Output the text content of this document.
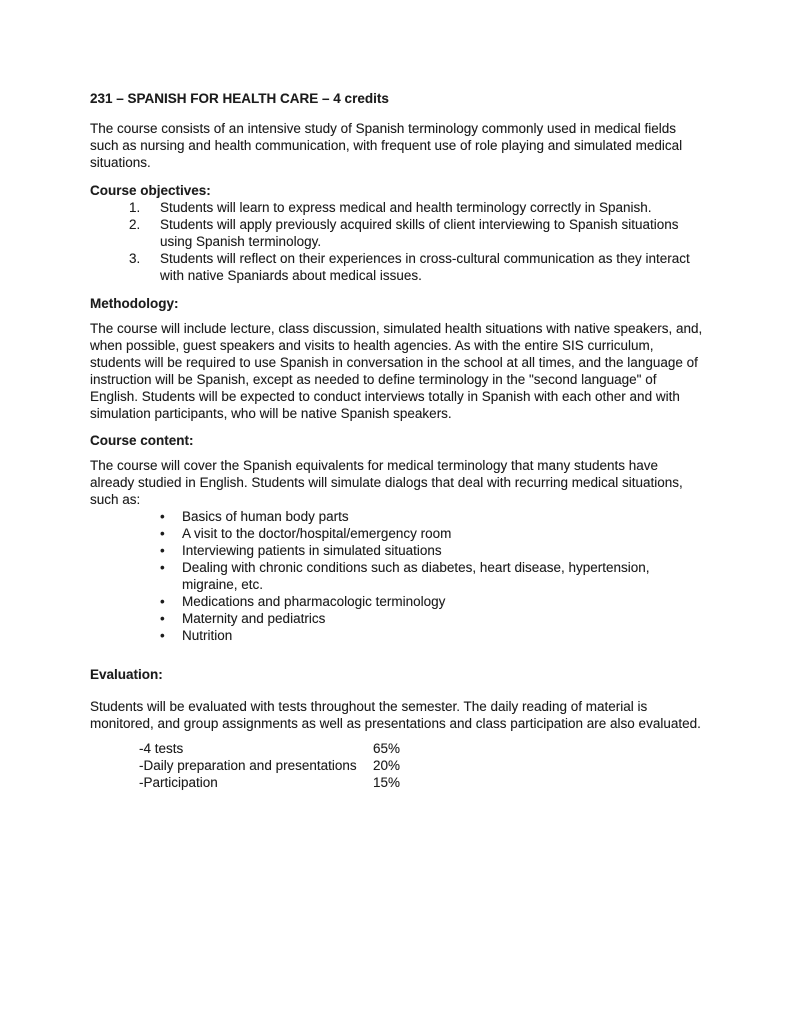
231 – SPANISH FOR HEALTH CARE – 4 credits

The course consists of an intensive study of Spanish terminology commonly used in medical fields such as nursing and health communication, with frequent use of role playing and simulated medical situations.

Course objectives:

1.	Students will learn to express medical and health terminology correctly in Spanish.
2.	Students will apply previously acquired skills of client interviewing to Spanish situations using Spanish terminology.
3.	Students will reflect on their experiences in cross-cultural communication as they interact with native Spaniards about medical issues.

Methodology:

The course will include lecture, class discussion, simulated health situations with native speakers, and, when possible, guest speakers and visits to health agencies. As with the entire SIS curriculum, students will be required to use Spanish in conversation in the school at all times, and the language of instruction will be Spanish, except as needed to define terminology in the "second language" of English. Students will be expected to conduct interviews totally in Spanish with each other and with simulation participants, who will be native Spanish speakers.

Course content:

The course will cover the Spanish equivalents for medical terminology that many students have already studied in English. Students will simulate dialogs that deal with recurring medical situations, such as:

•	Basics of human body parts
•	A visit to the doctor/hospital/emergency room
•	Interviewing patients in simulated situations
•	Dealing with chronic conditions such as diabetes, heart disease, hypertension, migraine, etc.
•	Medications and pharmacologic terminology
•	Maternity and pediatrics
•	Nutrition

Evaluation:

Students will be evaluated with tests throughout the semester. The daily reading of material is monitored, and group assignments as well as presentations and class participation are also evaluated.

-4 tests	65%
-Daily preparation and presentations	20%
-Participation	15%
